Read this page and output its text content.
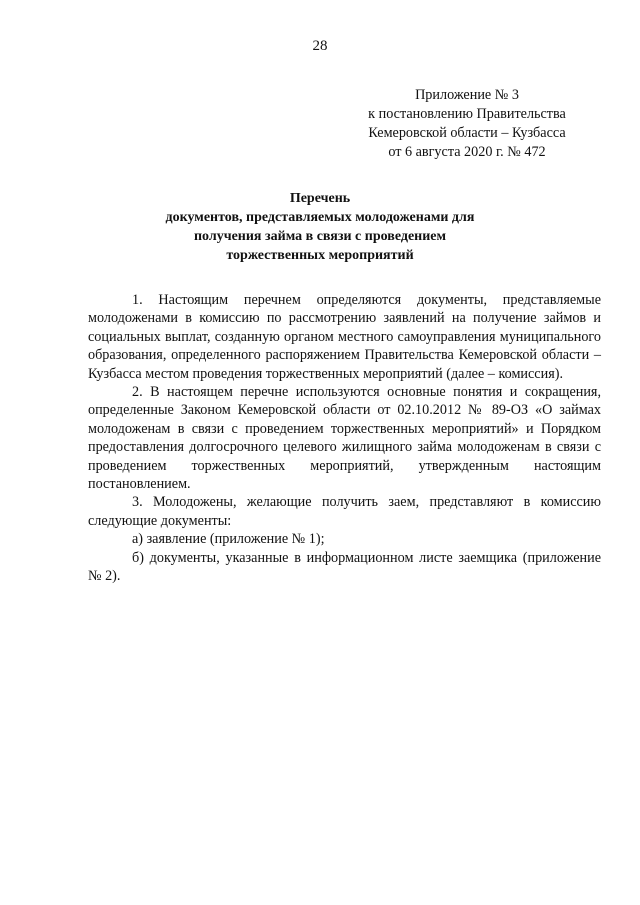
28
Приложение № 3
к постановлению Правительства
Кемеровской области – Кузбасса
от 6 августа 2020 г. № 472
Перечень
документов, представляемых молодоженами для
получения займа в связи с проведением
торжественных мероприятий

1. Настоящим перечнем определяются документы, представляемые молодоженами в комиссию по рассмотрению заявлений на получение займов и социальных выплат, созданную органом местного самоуправления муниципального образования, определенного распоряжением Правительства Кемеровской области – Кузбасса местом проведения торжественных мероприятий (далее – комиссия).

2. В настоящем перечне используются основные понятия и сокращения, определенные Законом Кемеровской области от 02.10.2012 № 89-ОЗ «О займах молодоженам в связи с проведением торжественных мероприятий» и Порядком предоставления долгосрочного целевого жилищного займа молодоженам в связи с проведением торжественных мероприятий, утвержденным настоящим постановлением.

3. Молодожены, желающие получить заем, представляют в комиссию следующие документы:

а) заявление (приложение № 1);

б) документы, указанные в информационном листе заемщика (приложение № 2).
